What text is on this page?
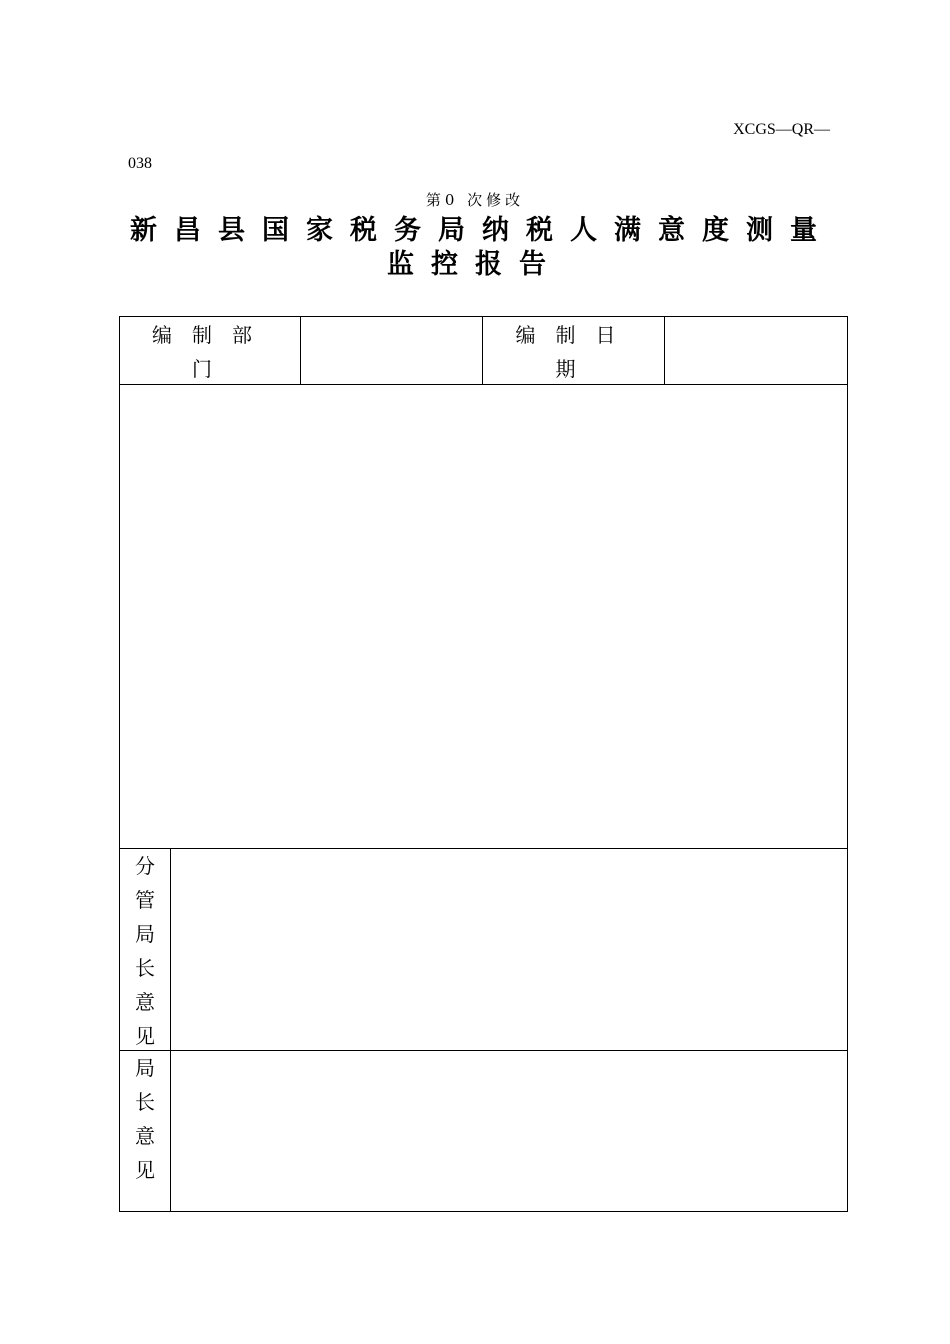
XCGS—QR—
038
第0 次修改
新昌县国家税务局纳税人满意度测量
监控报告
编制部门
编制日期
分管局长意见
局长意见
